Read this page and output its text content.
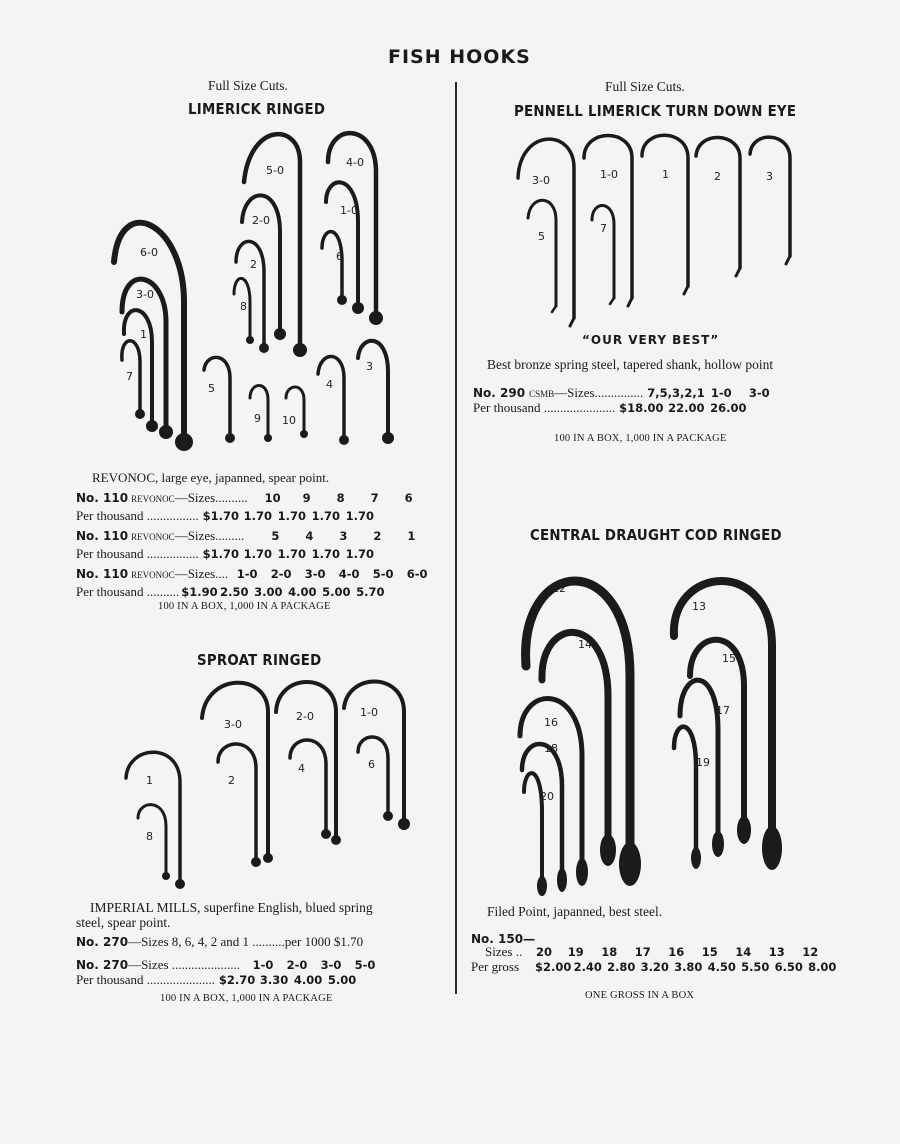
FISH HOOKS
Full Size Cuts.
LIMERICK RINGED
6-0
3-0
1
7
5-0
2-0
2
8
4-0
1-0
6
5
9 10
4
3
RЕVОNОС, large eye, japanned, spear point.
No. 110 RЕVОNОС —Sizes..........	10	9	8	7	6
Per thousand ................ $1.70 1.70 1.70 1.70 1.70
No. 110 RЕVОNОС —Sizes.........	5	4	3	2	1
Per thousand ................ $1.70 1.70 1.70 1.70 1.70
No. 110 RЕVОNОС —Sizes.... 1-0	2-0	3-0	4-0	5-0	6-0
Per thousand .......... $1.90 2.50 3.00 4.00 5.00 5.70
100 IN A BOX, 1,000 IN A PACKAGE
SPROAT RINGED
3-0
2-0	1-0
2
4	6
1
8
IMPERIAL MILLS, superfine English, blued spring
steel, spear point.
No. 270 —Sizes 8, 6, 4, 2 and 1 ..........per 1000 $1.70
No. 270 —Sizes .....................	1-0	2-0	3-0	5-0
Per thousand ..................... $2.70 3.30 4.00 5.00
100 IN A BOX, 1,000 IN A PACKAGE
Full Size Cuts.
PENNELL LIMERICK TURN DOWN EYE
3-0	1-0	1	2	3
5
7
“OUR VERY BEST”
Best bronze spring steel, tapered shank, hollow point
No. 290 CSMB —Sizes............... 7,5,3,2,1 1-0	3-0
Per thousand ...................... $18.00 22.00 26.00
100 IN A BOX, 1,000 IN A PACKAGE
CENTRAL DRAUGHT COD RINGED
12
14
16
18
20
13
15
17
19
Filed Point, japanned, best steel.
No. 150—
Sizes ..	20	19	18	17	16	15	14	13	12
Per gross	$2.00 2.40 2.80 3.20 3.80 4.50 5.50 6.50 8.00
ONE GROSS IN A BOX
